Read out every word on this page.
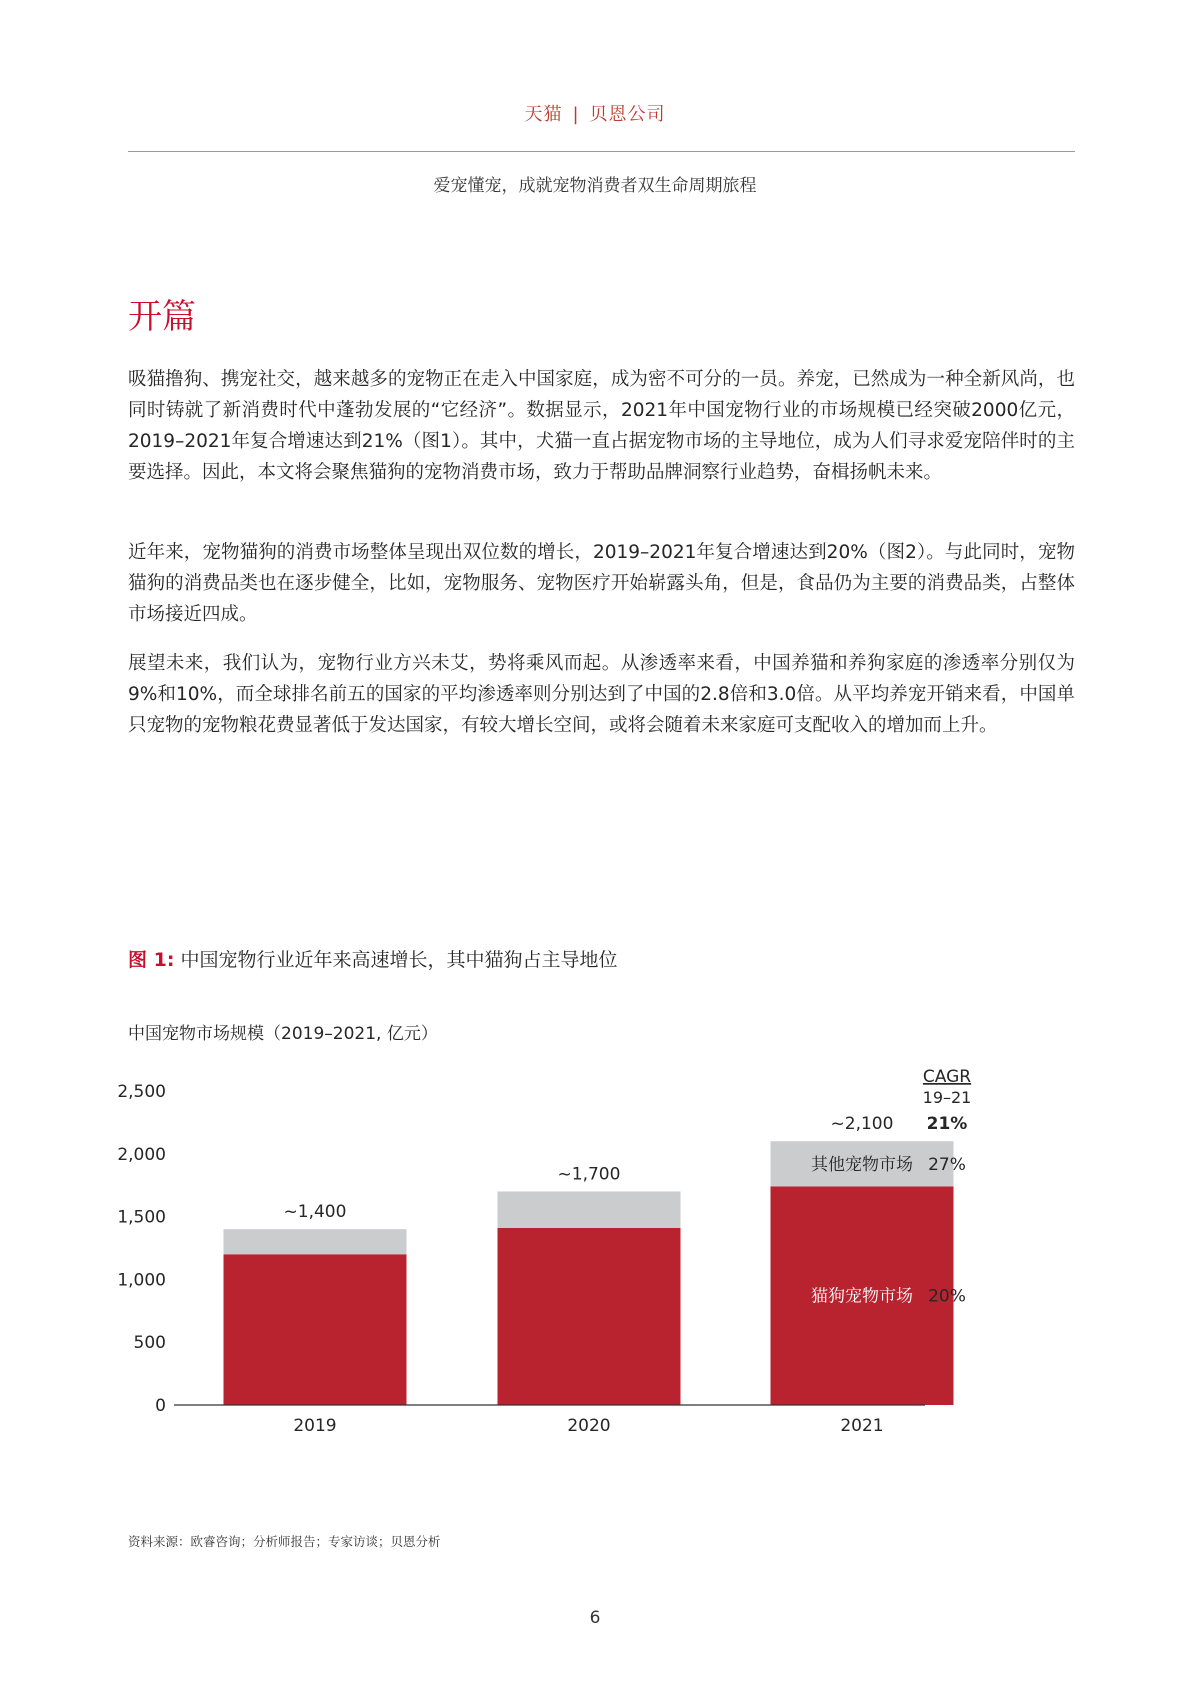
天猫 | 贝恩公司
爱宠懂宠，成就宠物消费者双生命周期旅程
开篇

吸猫撸狗、携宠社交，越来越多的宠物正在走入中国家庭，成为密不可分的一员。养宠，已然成为一种全新风尚，也同时铸就了新消费时代中蓬勃发展的“它经济”。数据显示，2021年中国宠物行业的市场规模已经突破2000亿元，2019–2021年复合增速达到21%（图1）。其中，犬猫一直占据宠物市场的主导地位，成为人们寻求爱宠陪伴时的主要选择。因此，本文将会聚焦猫狗的宠物消费市场，致力于帮助品牌洞察行业趋势，奋楫扬帆未来。

近年来，宠物猫狗的消费市场整体呈现出双位数的增长，2019–2021年复合增速达到20%（图2）。与此同时，宠物猫狗的消费品类也在逐步健全，比如，宠物服务、宠物医疗开始崭露头角，但是，食品仍为主要的消费品类，占整体市场接近四成。

展望未来，我们认为，宠物行业方兴未艾，势将乘风而起。从渗透率来看，中国养猫和养狗家庭的渗透率分别仅为9%和10%，而全球排名前五的国家的平均渗透率则分别达到了中国的2.8倍和3.0倍。从平均养宠开销来看，中国单只宠物的宠物粮花费显著低于发达国家，有较大增长空间，或将会随着未来家庭可支配收入的增加而上升。

图 1: 中国宠物行业近年来高速增长，其中猫狗占主导地位
中国宠物市场规模（2019–2021, 亿元）
0
500
1,000
1,500
2,000
2,500
~1,400
~1,700
~2,100
2019	2020	2021
猫狗宠物市场
其他宠物市场
CAGR
19–21
21%
27%
20%
资料来源：欧睿咨询；分析师报告；专家访谈；贝恩分析
6
